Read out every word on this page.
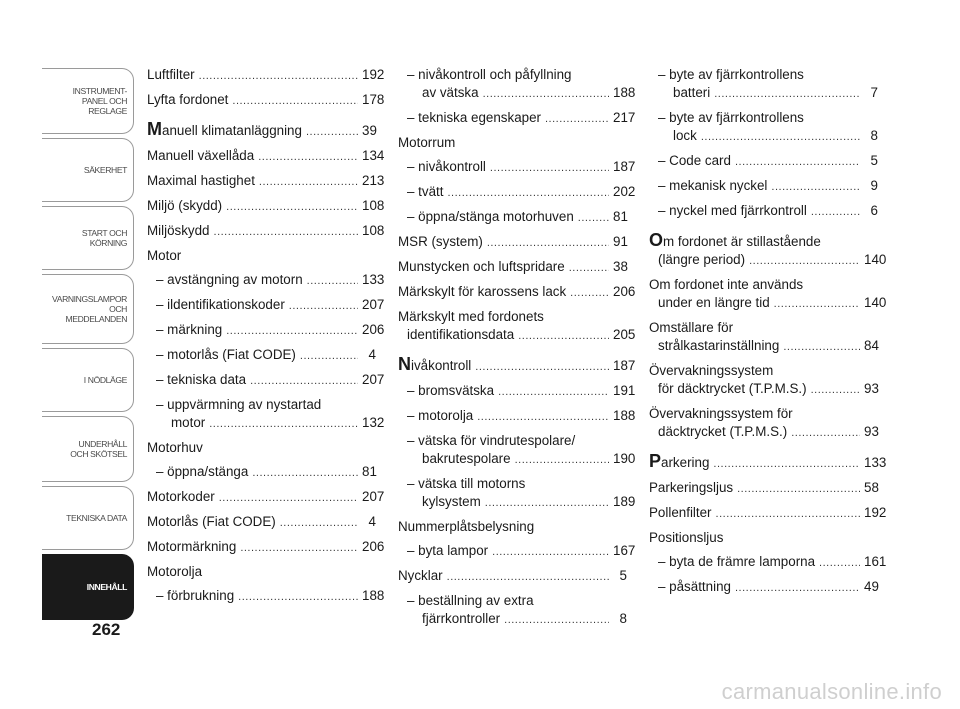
INSTRUMENT-
PANEL OCH
REGLAGE
SÄKERHET
START OCH
KÖRNING
VARNINGSLAMPOR
OCH
MEDDELANDEN
I NÖDLÄGE
UNDERHÅLL
OCH SKÖTSEL
TEKNISKA DATA
INNEHÅLL
262
Luftfilter .....	192
Lyfta fordonet .....	178
Manuell klimatanläggning .....	39
Manuell växellåda .....	134
Maximal hastighet .....	213
Miljö (skydd) .....	108
Miljöskydd .....	108
Motor
– avstängning av motorn .....	133
– ildentifikationskoder .....	207
– märkning .....	206
– motorlås (Fiat CODE) .....	4
– tekniska data .....	207
– uppvärmning av nystartad
motor .....	132
Motorhuv
– öppna/stänga .....	81
Motorkoder .....	207
Motorlås (Fiat CODE) .....	4
Motormärkning .....	206
Motorolja
– förbrukning .....	188
– nivåkontroll och påfyllning
av vätska .....	188
– tekniska egenskaper .....	217
Motorrum
– nivåkontroll .....	187
– tvätt .....	202
– öppna/stänga motorhuven .....	81
MSR (system) .....	91
Munstycken och luftspridare .....	38
Märkskylt för karossens lack .....	206
Märkskylt med fordonets
identifikationsdata .....	205
Nivåkontroll .....	187
– bromsvätska .....	191
– motorolja .....	188
– vätska för vindrutespolare/
bakrutespolare .....	190
– vätska till motorns
kylsystem .....	189
Nummerplåtsbelysning
– byta lampor .....	167
Nycklar .....	5
– beställning av extra
fjärrkontroller .....	8
– byte av fjärrkontrollens
batteri .....	7
– byte av fjärrkontrollens
lock .....	8
– Code card .....	5
– mekanisk nyckel .....	9
– nyckel med fjärrkontroll .....	6
Om fordonet är stillastående
(längre period) .....	140
Om fordonet inte används
under en längre tid .....	140
Omställare för
strålkastarinställning .....	84
Övervakningssystem
för däcktrycket (T.P.M.S.) .....	93
Övervakningssystem för
däcktrycket (T.P.M.S.) .....	93
Parkering .....	133
Parkeringsljus .....	58
Pollenfilter .....	192
Positionsljus
– byta de främre lamporna .....	161
– påsättning .....	49
carmanualsonline.info
